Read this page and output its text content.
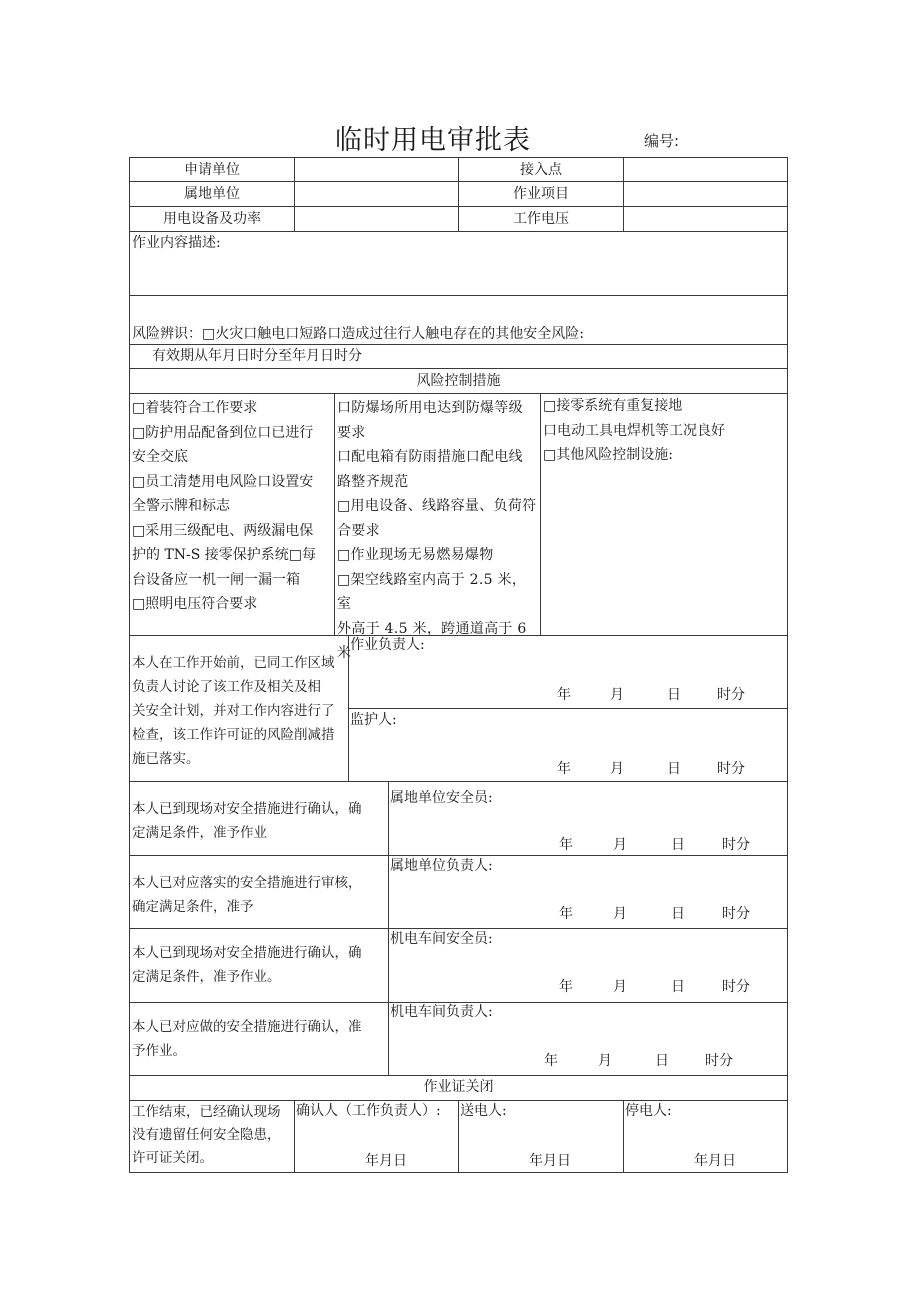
临时用电审批表	编号:
申请单位	接入点
属地单位	作业项目
用电设备及功率	工作电压
作业内容描述:
风险辨识：□火灾口触电口短路口造成过往行人触电存在的其他安全风险:
有效期从年月日时分至年月日时分
风险控制措施
□着装符合工作要求
□防护用品配备到位口已进行
安全交底
□员工清楚用电风险口设置安
全警示牌和标志
□采用三级配电、两级漏电保
护的 TN-S 接零保护系统□每
台设备应一机一闸一漏一箱
□照明电压符合要求
口防爆场所用电达到防爆等级
要求
口配电箱有防雨措施口配电线
路整齐规范
□用电设备、线路容量、负荷符
合要求
□作业现场无易燃易爆物
□架空线路室内高于 2.5 米，室
外高于 4.5 米，跨通道高于 6 米
□接零系统有重复接地
口电动工具电焊机等工况良好
□其他风险控制设施:
本人在工作开始前，已同工作区域
负责人讨论了该工作及相关及相
关安全计划，并对工作内容进行了
检查，该工作许可证的风险削减措
施已落实。
作业负责人:
年	月	日	时分
监护人:
年	月	日	时分
本人已到现场对安全措施进行确认，确
定满足条件，准予作业
属地单位安全员:
年	月	日	时分
本人已对应落实的安全措施进行审核，
确定满足条件，准予
属地单位负责人:
年	月	日	时分
本人已到现场对安全措施进行确认，确
定满足条件，准予作业。
机电车间安全员:
年	月	日	时分
本人已对应做的安全措施进行确认，准
予作业。
机电车间负责人:
年	月	日	时分
作业证关闭
工作结束，已经确认现场
没有遗留任何安全隐患，
许可证关闭。
确认人（工作负责人）:
年月日
送电人:
年月日
停电人:
年月日
